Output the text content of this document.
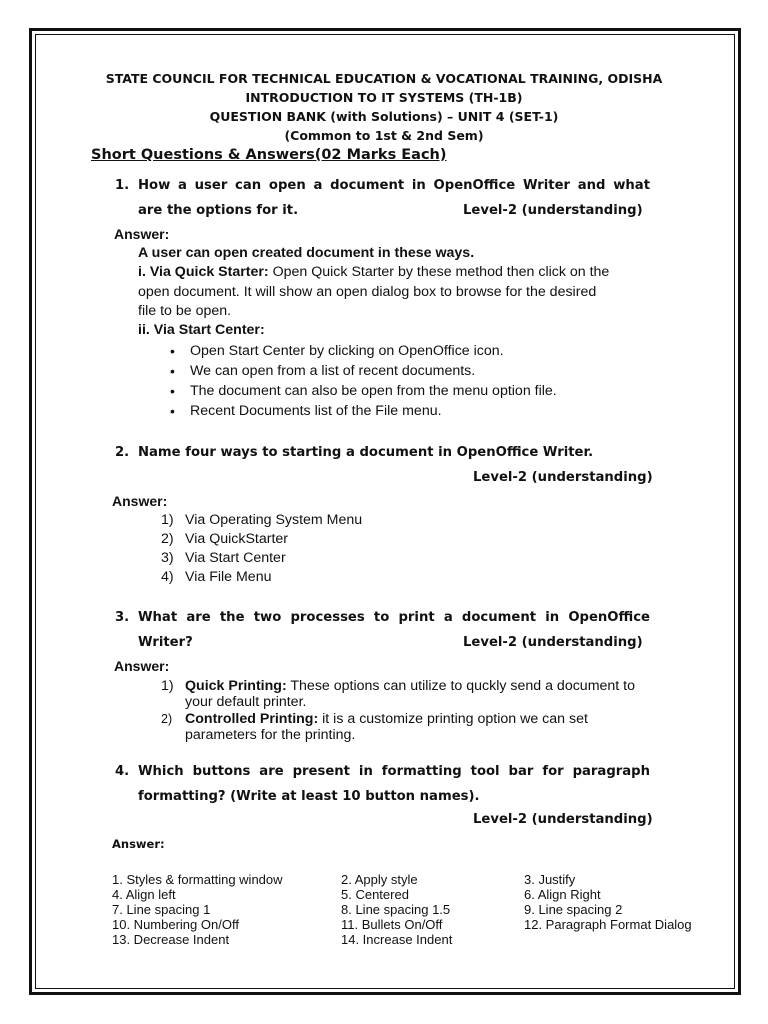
STATE COUNCIL FOR TECHNICAL EDUCATION & VOCATIONAL TRAINING, ODISHA
INTRODUCTION TO IT SYSTEMS (TH-1B)
QUESTION BANK (with Solutions) – UNIT 4 (SET-1)
(Common to 1st & 2nd Sem)
Short Questions & Answers(02 Marks Each)
1. How a user can open a document in OpenOffice Writer and what
are the options for it.	Level-2 (understanding)
Answer:
A user can open created document in these ways.
i. Via Quick Starter: Open Quick Starter by these method then click on the
open document. It will show an open dialog box to browse for the desired
file to be open.
ii. Via Start Center:
• Open Start Center by clicking on OpenOffice icon.
• We can open from a list of recent documents.
• The document can also be open from the menu option file.
• Recent Documents list of the File menu.
2. Name four ways to starting a document in OpenOffice Writer.
Level-2 (understanding)
Answer:
1) Via Operating System Menu
2) Via QuickStarter
3) Via Start Center
4) Via File Menu
3. What are the two processes to print a document in OpenOffice
Writer?	Level-2 (understanding)
Answer:
1) Quick Printing: These options can utilize to quckly send a document to
your default printer.
2) Controlled Printing: it is a customize printing option we can set
parameters for the printing.
4. Which buttons are present in formatting tool bar for paragraph
formatting? (Write at least 10 button names).
Level-2 (understanding)
Answer:
1. Styles & formatting window	2. Apply style	3. Justify
4. Align left	5. Centered	6. Align Right
7. Line spacing 1	8. Line spacing 1.5	9. Line spacing 2
10. Numbering On/Off	11. Bullets On/Off	12. Paragraph Format Dialog
13. Decrease Indent	14. Increase Indent
